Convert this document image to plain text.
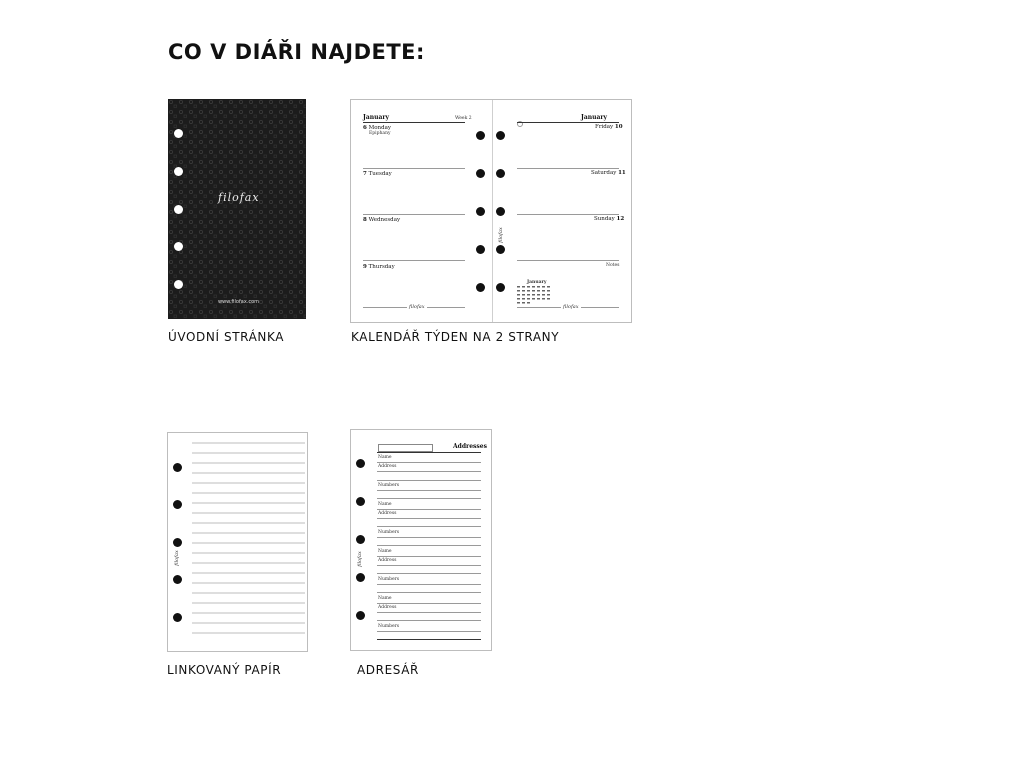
CO V DIÁŘI NAJDETE:
filofax
www.filofax.com
ÚVODNÍ STRÁNKA
January	Week 2
6 Monday
Epiphany
7 Tuesday
8 Wednesday
9 Thursday
filofax
filofax
January
Friday 10
Saturday 11
Sunday 12
Notes
January
filofax
KALENDÁŘ TÝDEN NA 2 STRANY
filofax
LINKOVANÝ PAPÍR
Addresses
Name
Address
Numbers
Name
Address
Numbers
Name
Address
Numbers
Name
Address
Numbers
filofax
ADRESÁŘ
